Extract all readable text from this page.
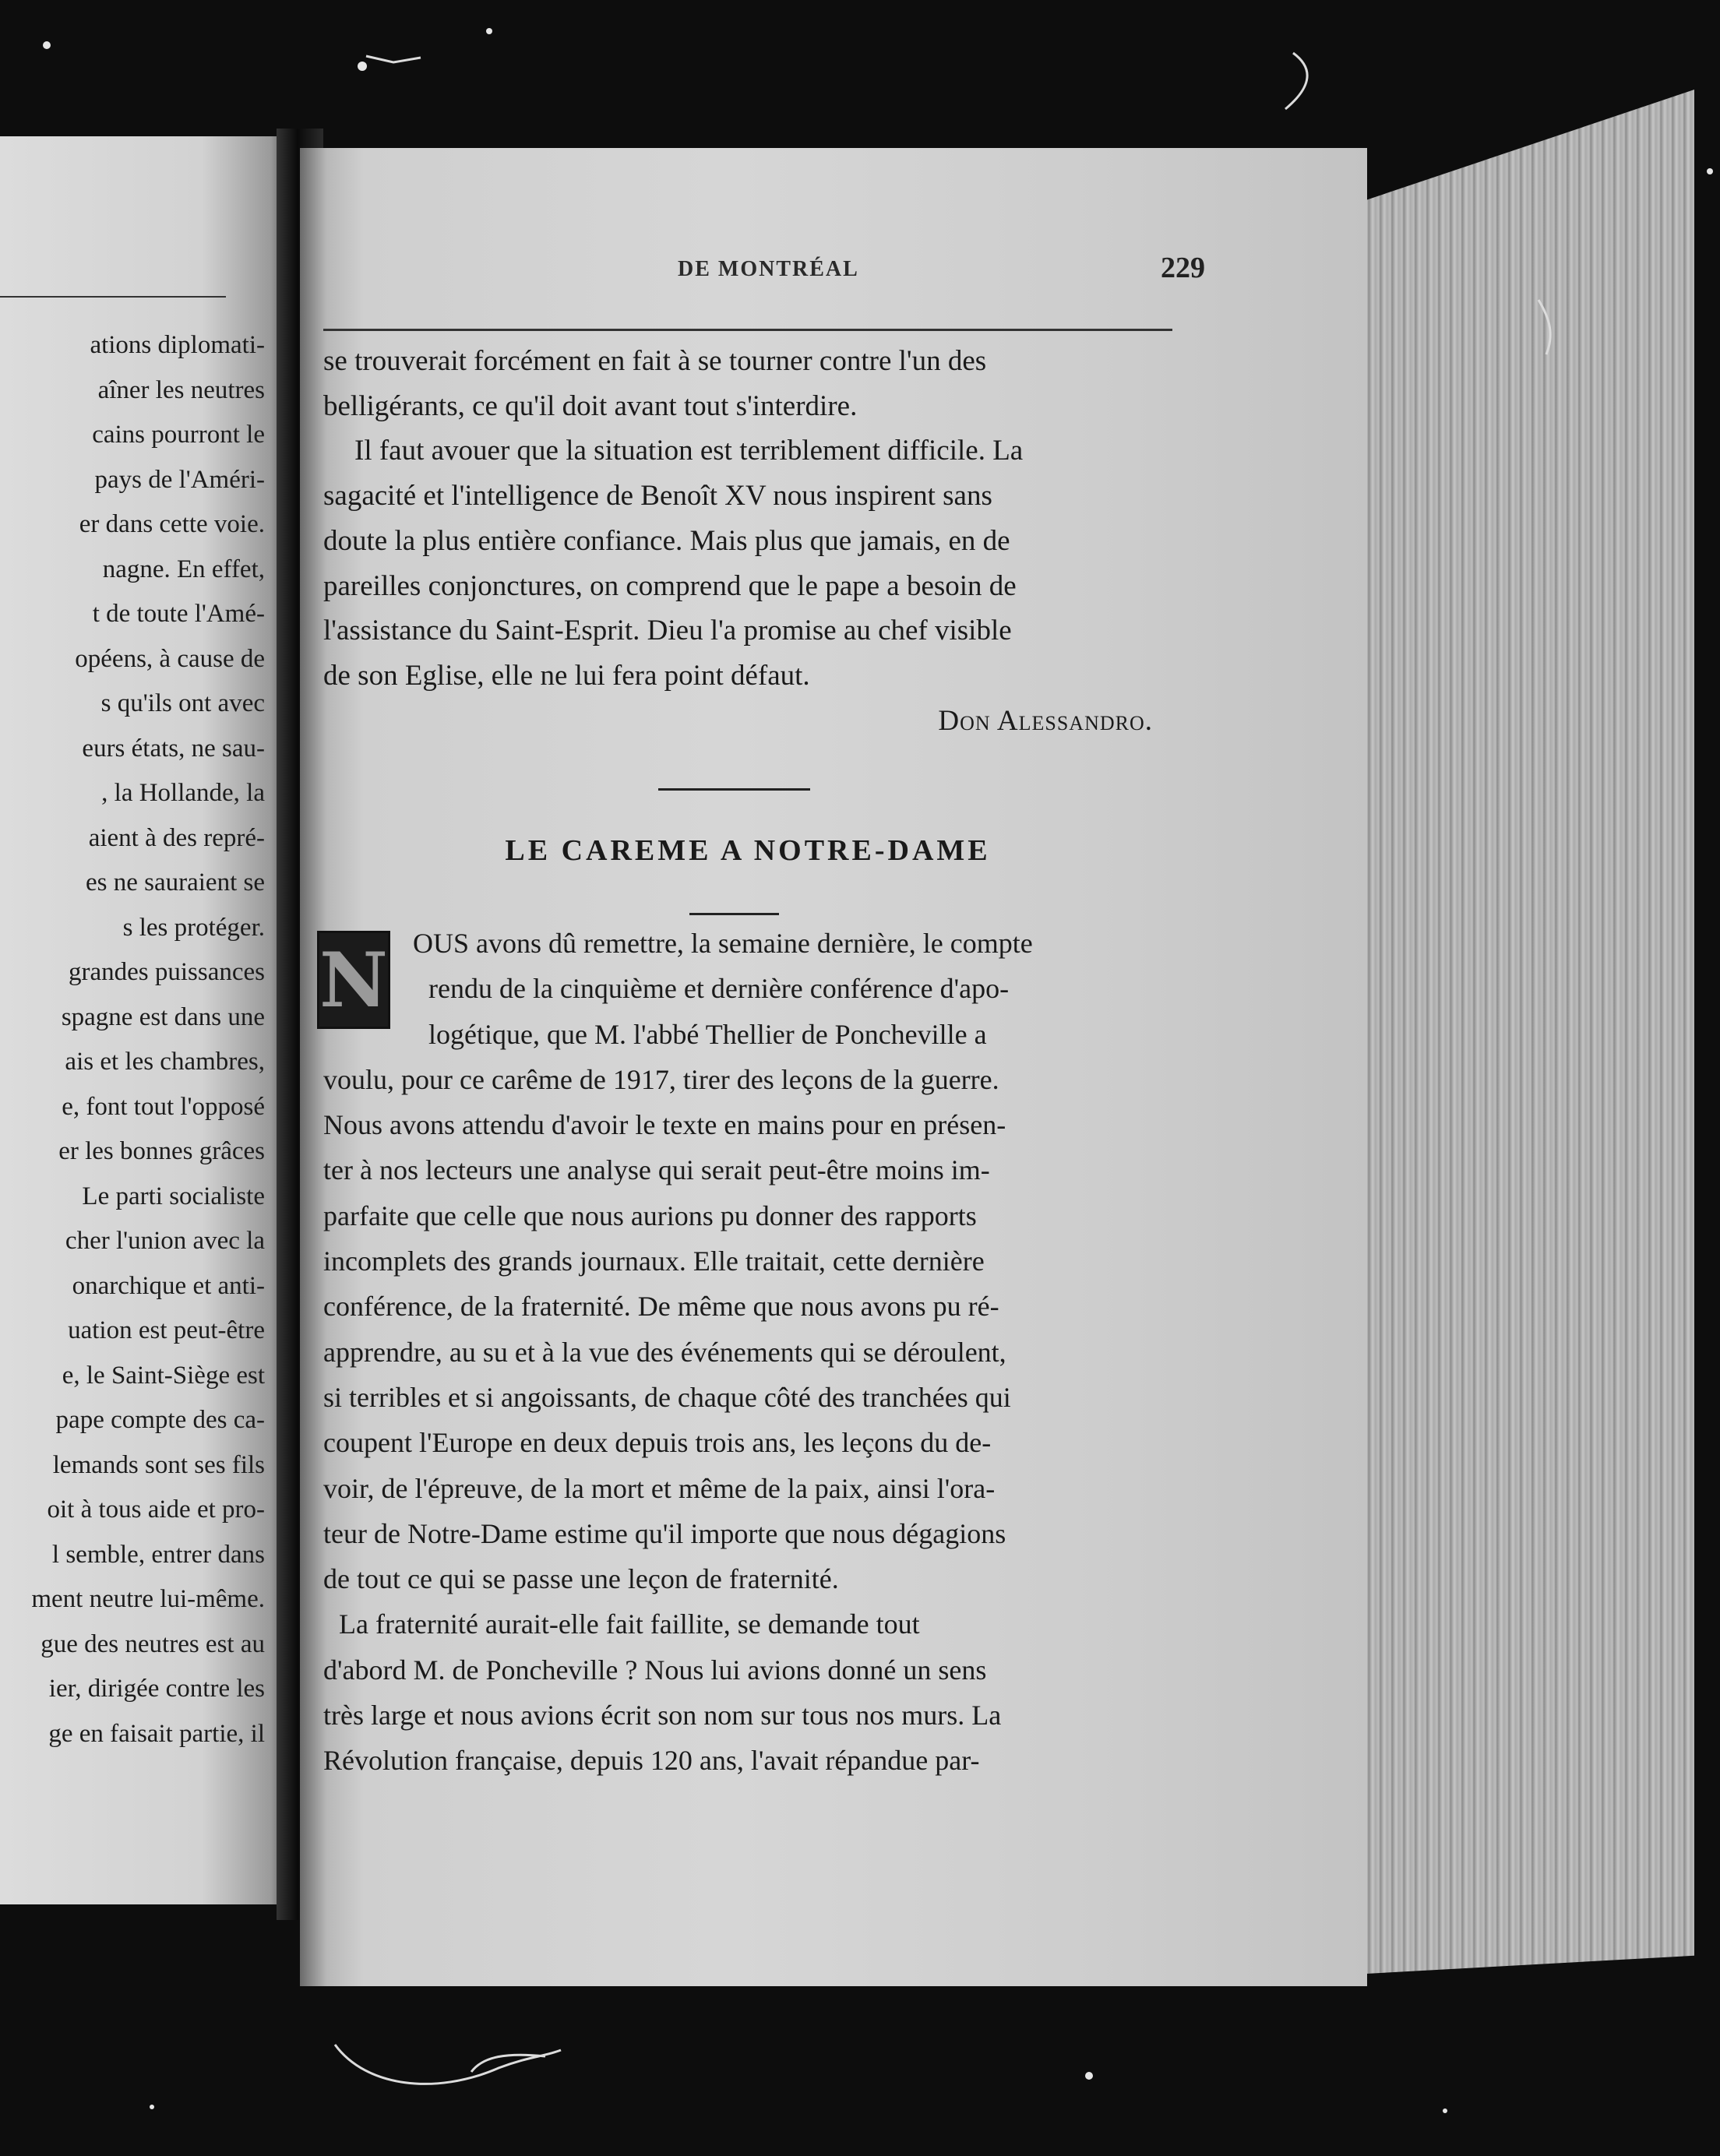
ations diplomati-
aîner les neutres
cains pourront le
pays de l'Améri-
er dans cette voie.
nagne. En effet,
t de toute l'Amé-
opéens, à cause de
s qu'ils ont avec
eurs états, ne sau-
, la Hollande, la
aient à des repré-
es ne sauraient se
s les protéger.
grandes puissances
spagne est dans une
ais et les chambres,
e, font tout l'opposé
er les bonnes grâces
Le parti socialiste
cher l'union avec la
onarchique et anti-
uation est peut-être
e, le Saint-Siège est
pape compte des ca-
lemands sont ses fils
oit à tous aide et pro-
l semble, entrer dans
ment neutre lui-même.
gue des neutres est au
ier, dirigée contre les
ge en faisait partie, il
DE MONTRÉAL	229
se trouverait forcément en fait à se tourner contre l'un des
belligérants, ce qu'il doit avant tout s'interdire.
Il faut avouer que la situation est terriblement difficile. La
sagacité et l'intelligence de Benoît XV nous inspirent sans
doute la plus entière confiance. Mais plus que jamais, en de
pareilles conjonctures, on comprend que le pape a besoin de
l'assistance du Saint-Esprit. Dieu l'a promise au chef visible
de son Eglise, elle ne lui fera point défaut.
Don Alessandro.
LE CAREME A NOTRE-DAME
N OUS avons dû remettre, la semaine dernière, le compte
rendu de la cinquième et dernière conférence d'apo-
logétique, que M. l'abbé Thellier de Poncheville a
voulu, pour ce carême de 1917, tirer des leçons de la guerre.
Nous avons attendu d'avoir le texte en mains pour en présen-
ter à nos lecteurs une analyse qui serait peut-être moins im-
parfaite que celle que nous aurions pu donner des rapports
incomplets des grands journaux. Elle traitait, cette dernière
conférence, de la fraternité. De même que nous avons pu ré-
apprendre, au su et à la vue des événements qui se déroulent,
si terribles et si angoissants, de chaque côté des tranchées qui
coupent l'Europe en deux depuis trois ans, les leçons du de-
voir, de l'épreuve, de la mort et même de la paix, ainsi l'ora-
teur de Notre-Dame estime qu'il importe que nous dégagions
de tout ce qui se passe une leçon de fraternité.
La fraternité aurait-elle fait faillite, se demande tout
d'abord M. de Poncheville ? Nous lui avions donné un sens
très large et nous avions écrit son nom sur tous nos murs. La
Révolution française, depuis 120 ans, l'avait répandue par-
